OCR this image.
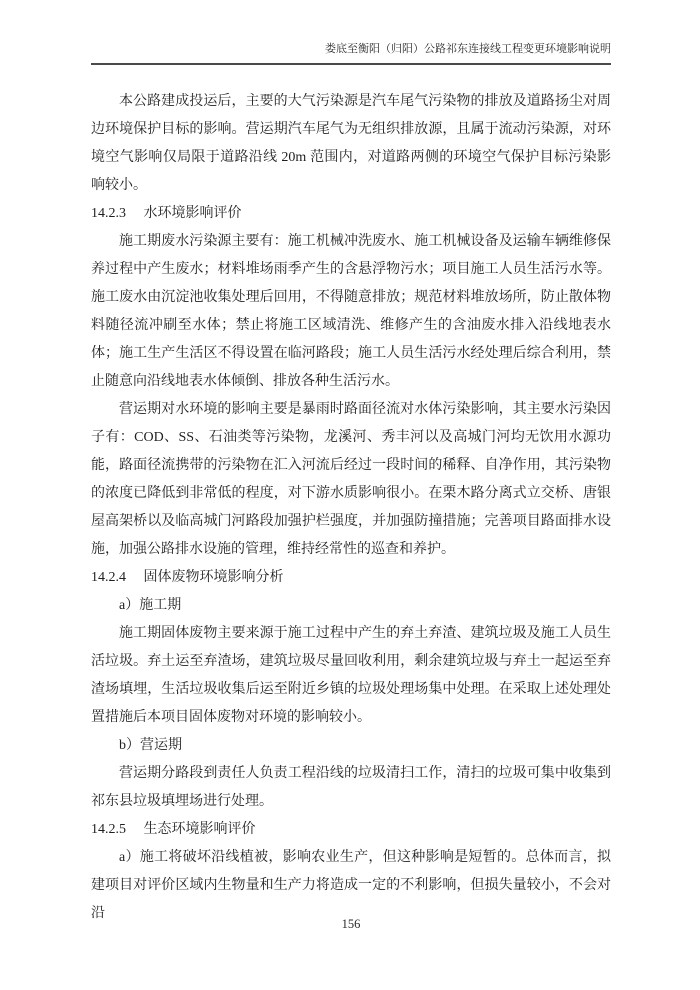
娄底至衡阳（归阳）公路祁东连接线工程变更环境影响说明

本公路建成投运后，主要的大气污染源是汽车尾气污染物的排放及道路扬尘对周边环境保护目标的影响。营运期汽车尾气为无组织排放源，且属于流动污染源，对环境空气影响仅局限于道路沿线 20m 范围内，对道路两侧的环境空气保护目标污染影响较小。

14.2.3 水环境影响评价

施工期废水污染源主要有：施工机械冲洗废水、施工机械设备及运输车辆维修保养过程中产生废水；材料堆场雨季产生的含悬浮物污水；项目施工人员生活污水等。施工废水由沉淀池收集处理后回用，不得随意排放；规范材料堆放场所，防止散体物料随径流冲刷至水体；禁止将施工区域清洗、维修产生的含油废水排入沿线地表水体；施工生产生活区不得设置在临河路段；施工人员生活污水经处理后综合利用，禁止随意向沿线地表水体倾倒、排放各种生活污水。

营运期对水环境的影响主要是暴雨时路面径流对水体污染影响，其主要水污染因子有：COD、SS、石油类等污染物，龙溪河、秀丰河以及高城门河均无饮用水源功能，路面径流携带的污染物在汇入河流后经过一段时间的稀释、自净作用，其污染物的浓度已降低到非常低的程度，对下游水质影响很小。在栗木路分离式立交桥、唐银屋高架桥以及临高城门河路段加强护栏强度，并加强防撞措施；完善项目路面排水设施，加强公路排水设施的管理，维持经常性的巡查和养护。

14.2.4 固体废物环境影响分析

a）施工期

施工期固体废物主要来源于施工过程中产生的弃土弃渣、建筑垃圾及施工人员生活垃圾。弃土运至弃渣场，建筑垃圾尽量回收利用，剩余建筑垃圾与弃土一起运至弃渣场填埋，生活垃圾收集后运至附近乡镇的垃圾处理场集中处理。在采取上述处理处置措施后本项目固体废物对环境的影响较小。

b）营运期

营运期分路段到责任人负责工程沿线的垃圾清扫工作，清扫的垃圾可集中收集到祁东县垃圾填埋场进行处理。

14.2.5 生态环境影响评价

a）施工将破坏沿线植被，影响农业生产，但这种影响是短暂的。总体而言，拟建项目对评价区域内生物量和生产力将造成一定的不利影响，但损失量较小，不会对沿

156
